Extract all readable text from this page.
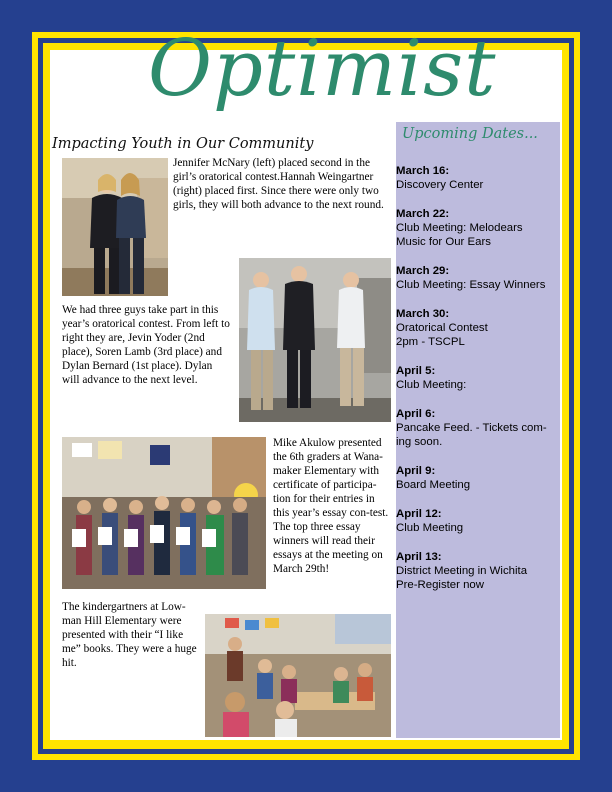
Optimist
Impacting Youth in Our Community
Jennifer McNary (left) placed second in the girl’s oratorical contest.Hannah Weingartner (right) placed first. Since there were only two girls, they will both advance to the next round.
We had three guys take part in this year’s oratorical contest. From left to right they are, Jevin Yoder (2nd place), Soren Lamb (3rd place) and Dylan Bernard (1st place). Dylan will advance to the next level.
Mike Akulow presented the 6th graders at Wana-maker Elementary with certificate of participa-tion for their entries in this year’s essay con-test. The top three essay winners will read their essays at the meeting on March 29th!
The kindergartners at Low-man Hill Elementary were presented with their “I like me” books. They were a huge hit.
Upcoming Dates...
March 16:
Discovery Center
March 22:
Club Meeting: Melodears
Music for Our Ears
March 29:
Club Meeting: Essay Winners
March 30:
Oratorical Contest
2pm - TSCPL
April 5:
Club Meeting:
April 6:
Pancake Feed. - Tickets com-
ing soon.
April 9:
Board Meeting
April 12:
Club Meeting
April 13:
District Meeting in Wichita
Pre-Register now
